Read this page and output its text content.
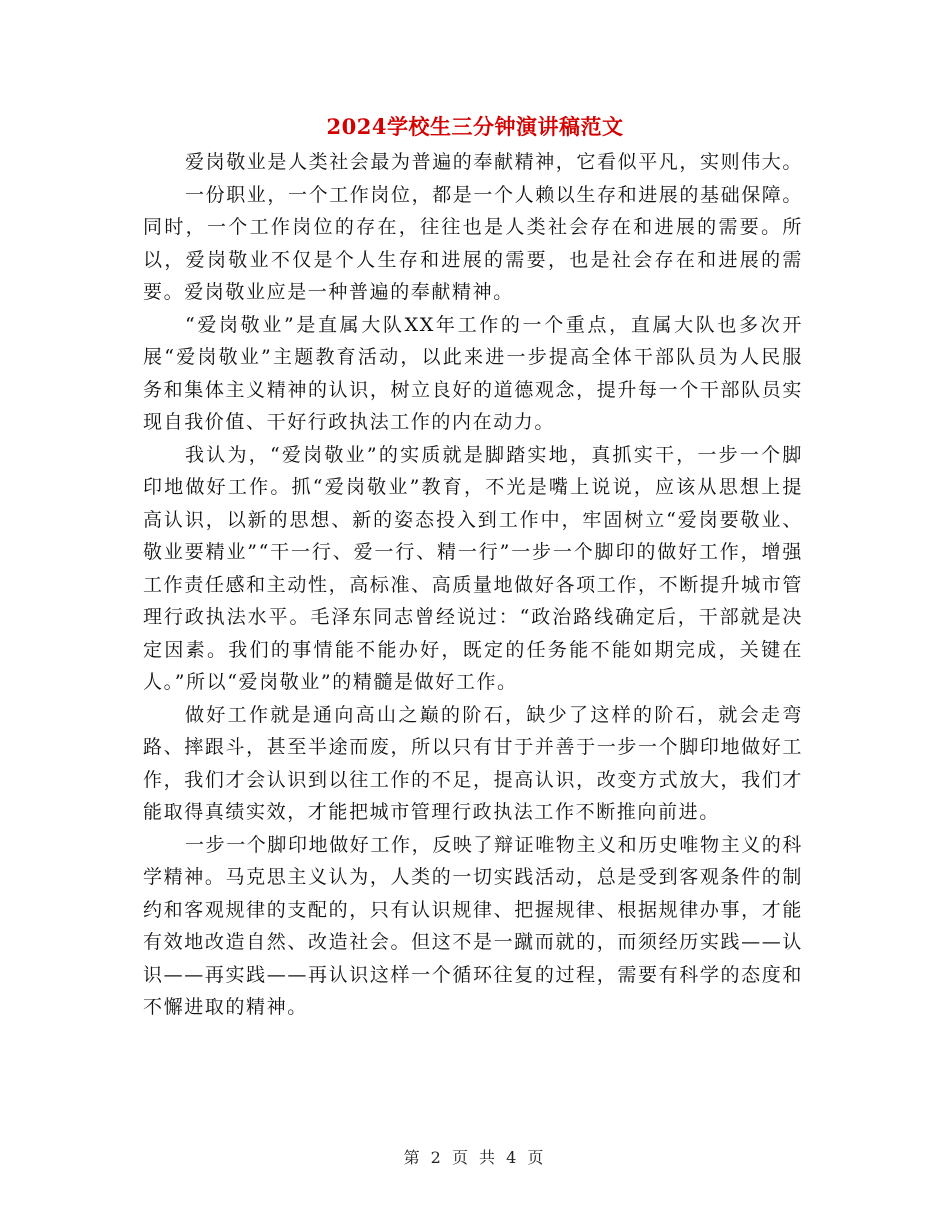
2024学校生三分钟演讲稿范文

爱岗敬业是人类社会最为普遍的奉献精神，它看似平凡，实则伟大。

一份职业，一个工作岗位，都是一个人赖以生存和进展的基础保障。同时，一个工作岗位的存在，往往也是人类社会存在和进展的需要。所以，爱岗敬业不仅是个人生存和进展的需要，也是社会存在和进展的需要。爱岗敬业应是一种普遍的奉献精神。

“爱岗敬业”是直属大队XX年工作的一个重点，直属大队也多次开展“爱岗敬业”主题教育活动，以此来进一步提高全体干部队员为人民服务和集体主义精神的认识，树立良好的道德观念，提升每一个干部队员实现自我价值、干好行政执法工作的内在动力。

我认为，“爱岗敬业”的实质就是脚踏实地，真抓实干，一步一个脚印地做好工作。抓“爱岗敬业”教育，不光是嘴上说说，应该从思想上提高认识，以新的思想、新的姿态投入到工作中，牢固树立“爱岗要敬业、敬业要精业”“干一行、爱一行、精一行”一步一个脚印的做好工作，增强工作责任感和主动性，高标准、高质量地做好各项工作，不断提升城市管理行政执法水平。毛泽东同志曾经说过：“政治路线确定后，干部就是决定因素。我们的事情能不能办好，既定的任务能不能如期完成，关键在人。”所以“爱岗敬业”的精髓是做好工作。

做好工作就是通向高山之巅的阶石，缺少了这样的阶石，就会走弯路、摔跟斗，甚至半途而废，所以只有甘于并善于一步一个脚印地做好工作，我们才会认识到以往工作的不足，提高认识，改变方式放大，我们才能取得真绩实效，才能把城市管理行政执法工作不断推向前进。

一步一个脚印地做好工作，反映了辩证唯物主义和历史唯物主义的科学精神。马克思主义认为，人类的一切实践活动，总是受到客观条件的制约和客观规律的支配的，只有认识规律、把握规律、根据规律办事，才能有效地改造自然、改造社会。但这不是一蹴而就的，而须经历实践——认识——再实践——再认识这样一个循环往复的过程，需要有科学的态度和不懈进取的精神。

第 2 页 共 4 页
